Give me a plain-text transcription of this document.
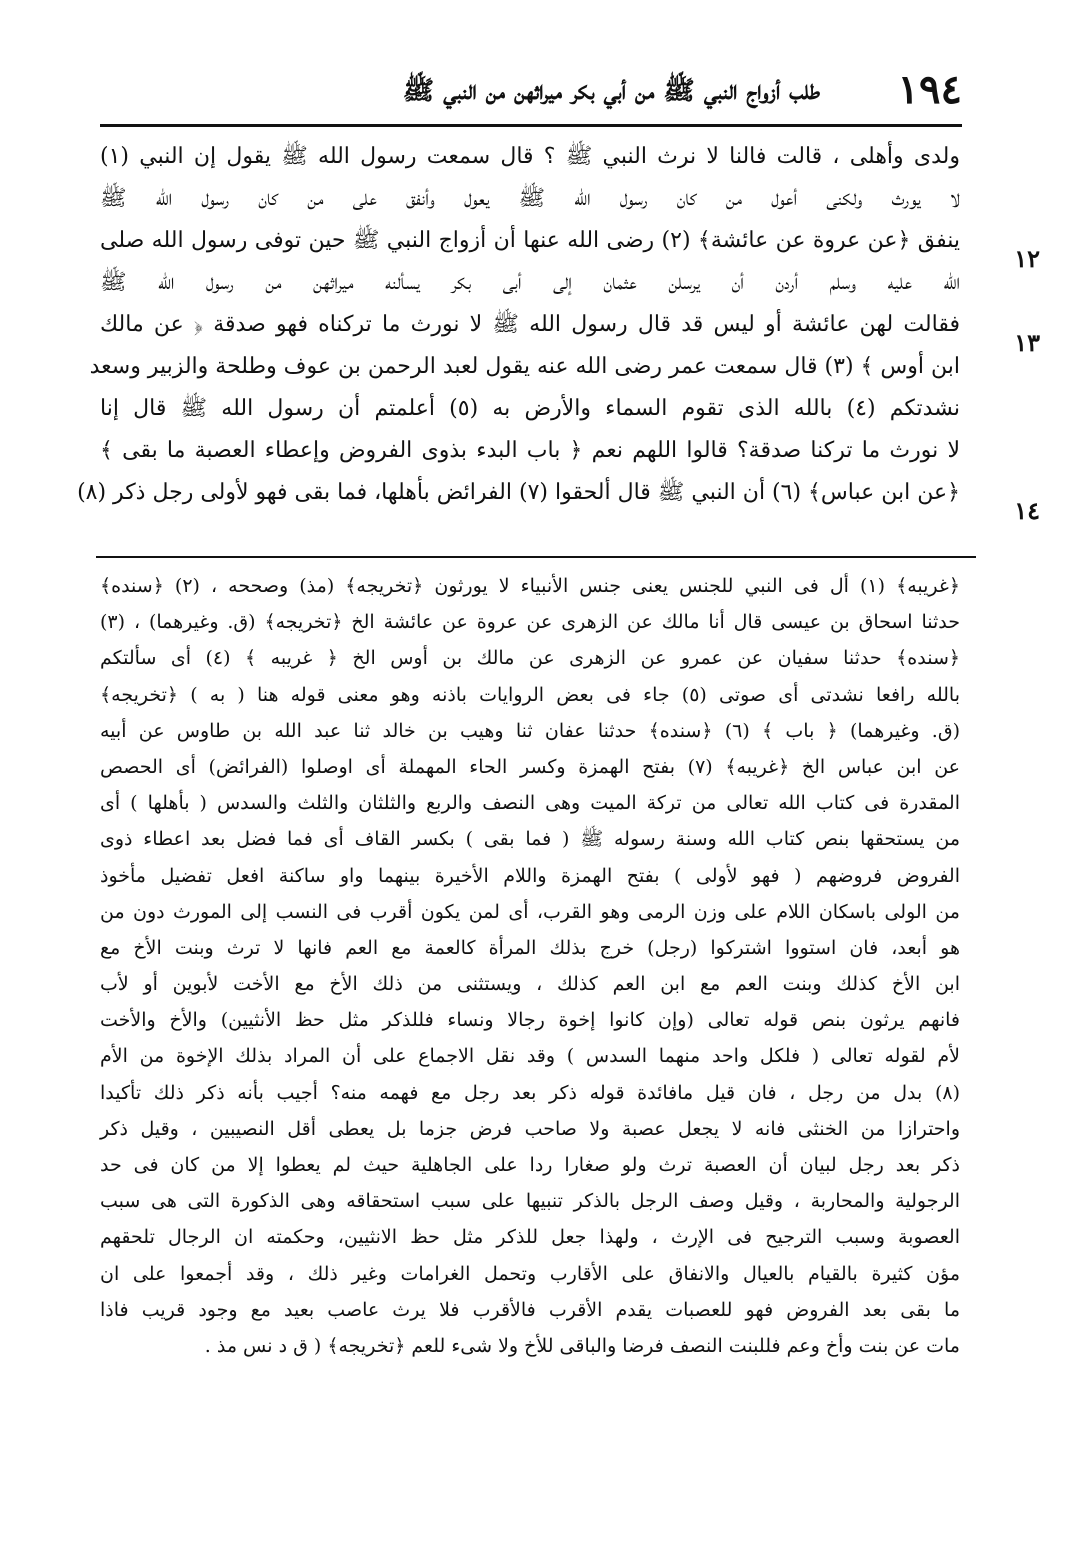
١٩٤
طلب أزواج النبي ﷺ من أبي بكر ميراثهن من النبي ﷺ
١٢
١٣
١٤
ولدى وأهلى ، قالت فالنا لا نرث النبي ﷺ ؟ قال سمعت رسول الله ﷺ يقول إن النبي (١)
لا يورث ولكنى أعول من كان رسول الله ﷺ يعول وأنفق على من كان رسول الله ﷺ
ينفق ﴿عن عروة عن عائشة﴾ (٢) رضى الله عنها أن أزواج النبي ﷺ حين توفى رسول الله صلى
الله عليه وسلم أردن أن يرسلن عثمان إلى أبى بكر يسألنه ميراثهن من رسول الله ﷺ
فقالت لهن عائشة أو ليس قد قال رسول الله ﷺ لا نورث ما تركناه فهو صدقة ﴿ عن مالك
ابن أوس ﴾ (٣) قال سمعت عمر رضى الله عنه يقول لعبد الرحمن بن عوف وطلحة والزبير وسعد
نشدتكم (٤) بالله الذى تقوم السماء والأرض به (٥) أعلمتم أن رسول الله ﷺ قال إنا
لا نورث ما تركنا صدقة؟ قالوا اللهم نعم ﴿ باب البدء بذوى الفروض وإعطاء العصبة ما بقى ﴾
﴿عن ابن عباس﴾ (٦) أن النبي ﷺ قال ألحقوا (٧) الفرائض بأهلها، فما بقى فهو لأولى رجل ذكر (٨)
﴿غريبه﴾ (١) أل فى النبي للجنس يعنى جنس الأنبياء لا يورثون ﴿تخريجه﴾ (مذ) وصححه ، (٢) ﴿سنده﴾
حدثنا اسحاق بن عيسى قال أنا مالك عن الزهرى عن عروة عن عائشة الخ ﴿تخريجه﴾ (ق. وغيرهما) ، (٣)
﴿سنده﴾ حدثنا سفيان عن عمرو عن الزهرى عن مالك بن أوس الخ ﴿ غريبه ﴾ (٤) أى سألتكم
بالله رافعا نشدتى أى صوتى (٥) جاء فى بعض الروايات باذنه وهو معنى قوله هنا ( به ) ﴿تخريجه﴾
(ق. وغيرهما) ﴿ باب ﴾ (٦) ﴿سنده﴾ حدثنا عفان ثنا وهيب بن خالد ثنا عبد الله بن طاوس عن أبيه
عن ابن عباس الخ ﴿غريبه﴾ (٧) بفتح الهمزة وكسر الحاء المهملة أى اوصلوا (الفرائض) أى الحصص
المقدرة فى كتاب الله تعالى من تركة الميت وهى النصف والربع والثلثان والثلث والسدس ( بأهلها ) أى
من يستحقها بنص كتاب الله وسنة رسوله ﷺ ( فما بقى ) بكسر القاف أى فما فضل بعد اعطاء ذوى
الفروض فروضهم ( فهو لأولى ) بفتح الهمزة واللام الأخيرة بينهما واو ساكنة افعل تفضيل مأخوذ
من الولى باسكان اللام على وزن الرمى وهو القرب، أى لمن يكون أقرب فى النسب إلى المورث دون من
هو أبعد، فان استووا اشتركوا (رجل) خرج بذلك المرأة كالعمة مع العم فانها لا ترث وبنت الأخ مع
ابن الأخ كذلك وبنت العم مع ابن العم كذلك ، ويستثنى من ذلك الأخ مع الأخت لأبوين أو لأب
فانهم يرثون بنص قوله تعالى (وإن كانوا إخوة رجالا ونساء فللذكر مثل حظ الأنثيين) والأخ والأخت
لأم لقوله تعالى ( فلكل واحد منهما السدس ) وقد نقل الاجماع على أن المراد بذلك الإخوة من الأم
(٨) بدل من رجل ، فان قيل مافائدة قوله ذكر بعد رجل مع فهمه منه؟ أجيب بأنه ذكر ذلك تأكيدا
واحترازا من الخنثى فانه لا يجعل عصبة ولا صاحب فرض جزما بل يعطى أقل النصيبين ، وقيل ذكر
ذكر بعد رجل لبيان أن العصبة ترث ولو صغارا ردا على الجاهلية حيث لم يعطوا إلا من كان فى حد
الرجولية والمحاربة ، وقيل وصف الرجل بالذكر تنبيها على سبب استحقاقه وهى الذكورة التى هى سبب
العصوبة وسبب الترجيح فى الإرث ، ولهذا جعل للذكر مثل حظ الانثيين، وحكمته ان الرجال تلحقهم
مؤن كثيرة بالقيام بالعيال والانفاق على الأقارب وتحمل الغرامات وغير ذلك ، وقد أجمعوا على ان
ما بقى بعد الفروض فهو للعصبات يقدم الأقرب فالأقرب فلا يرث عاصب بعيد مع وجود قريب فاذا
مات عن بنت وأخ وعم فللبنت النصف فرضا والباقى للأخ ولا شىء للعم ﴿تخريجه﴾ ( ق د نس مذ .
